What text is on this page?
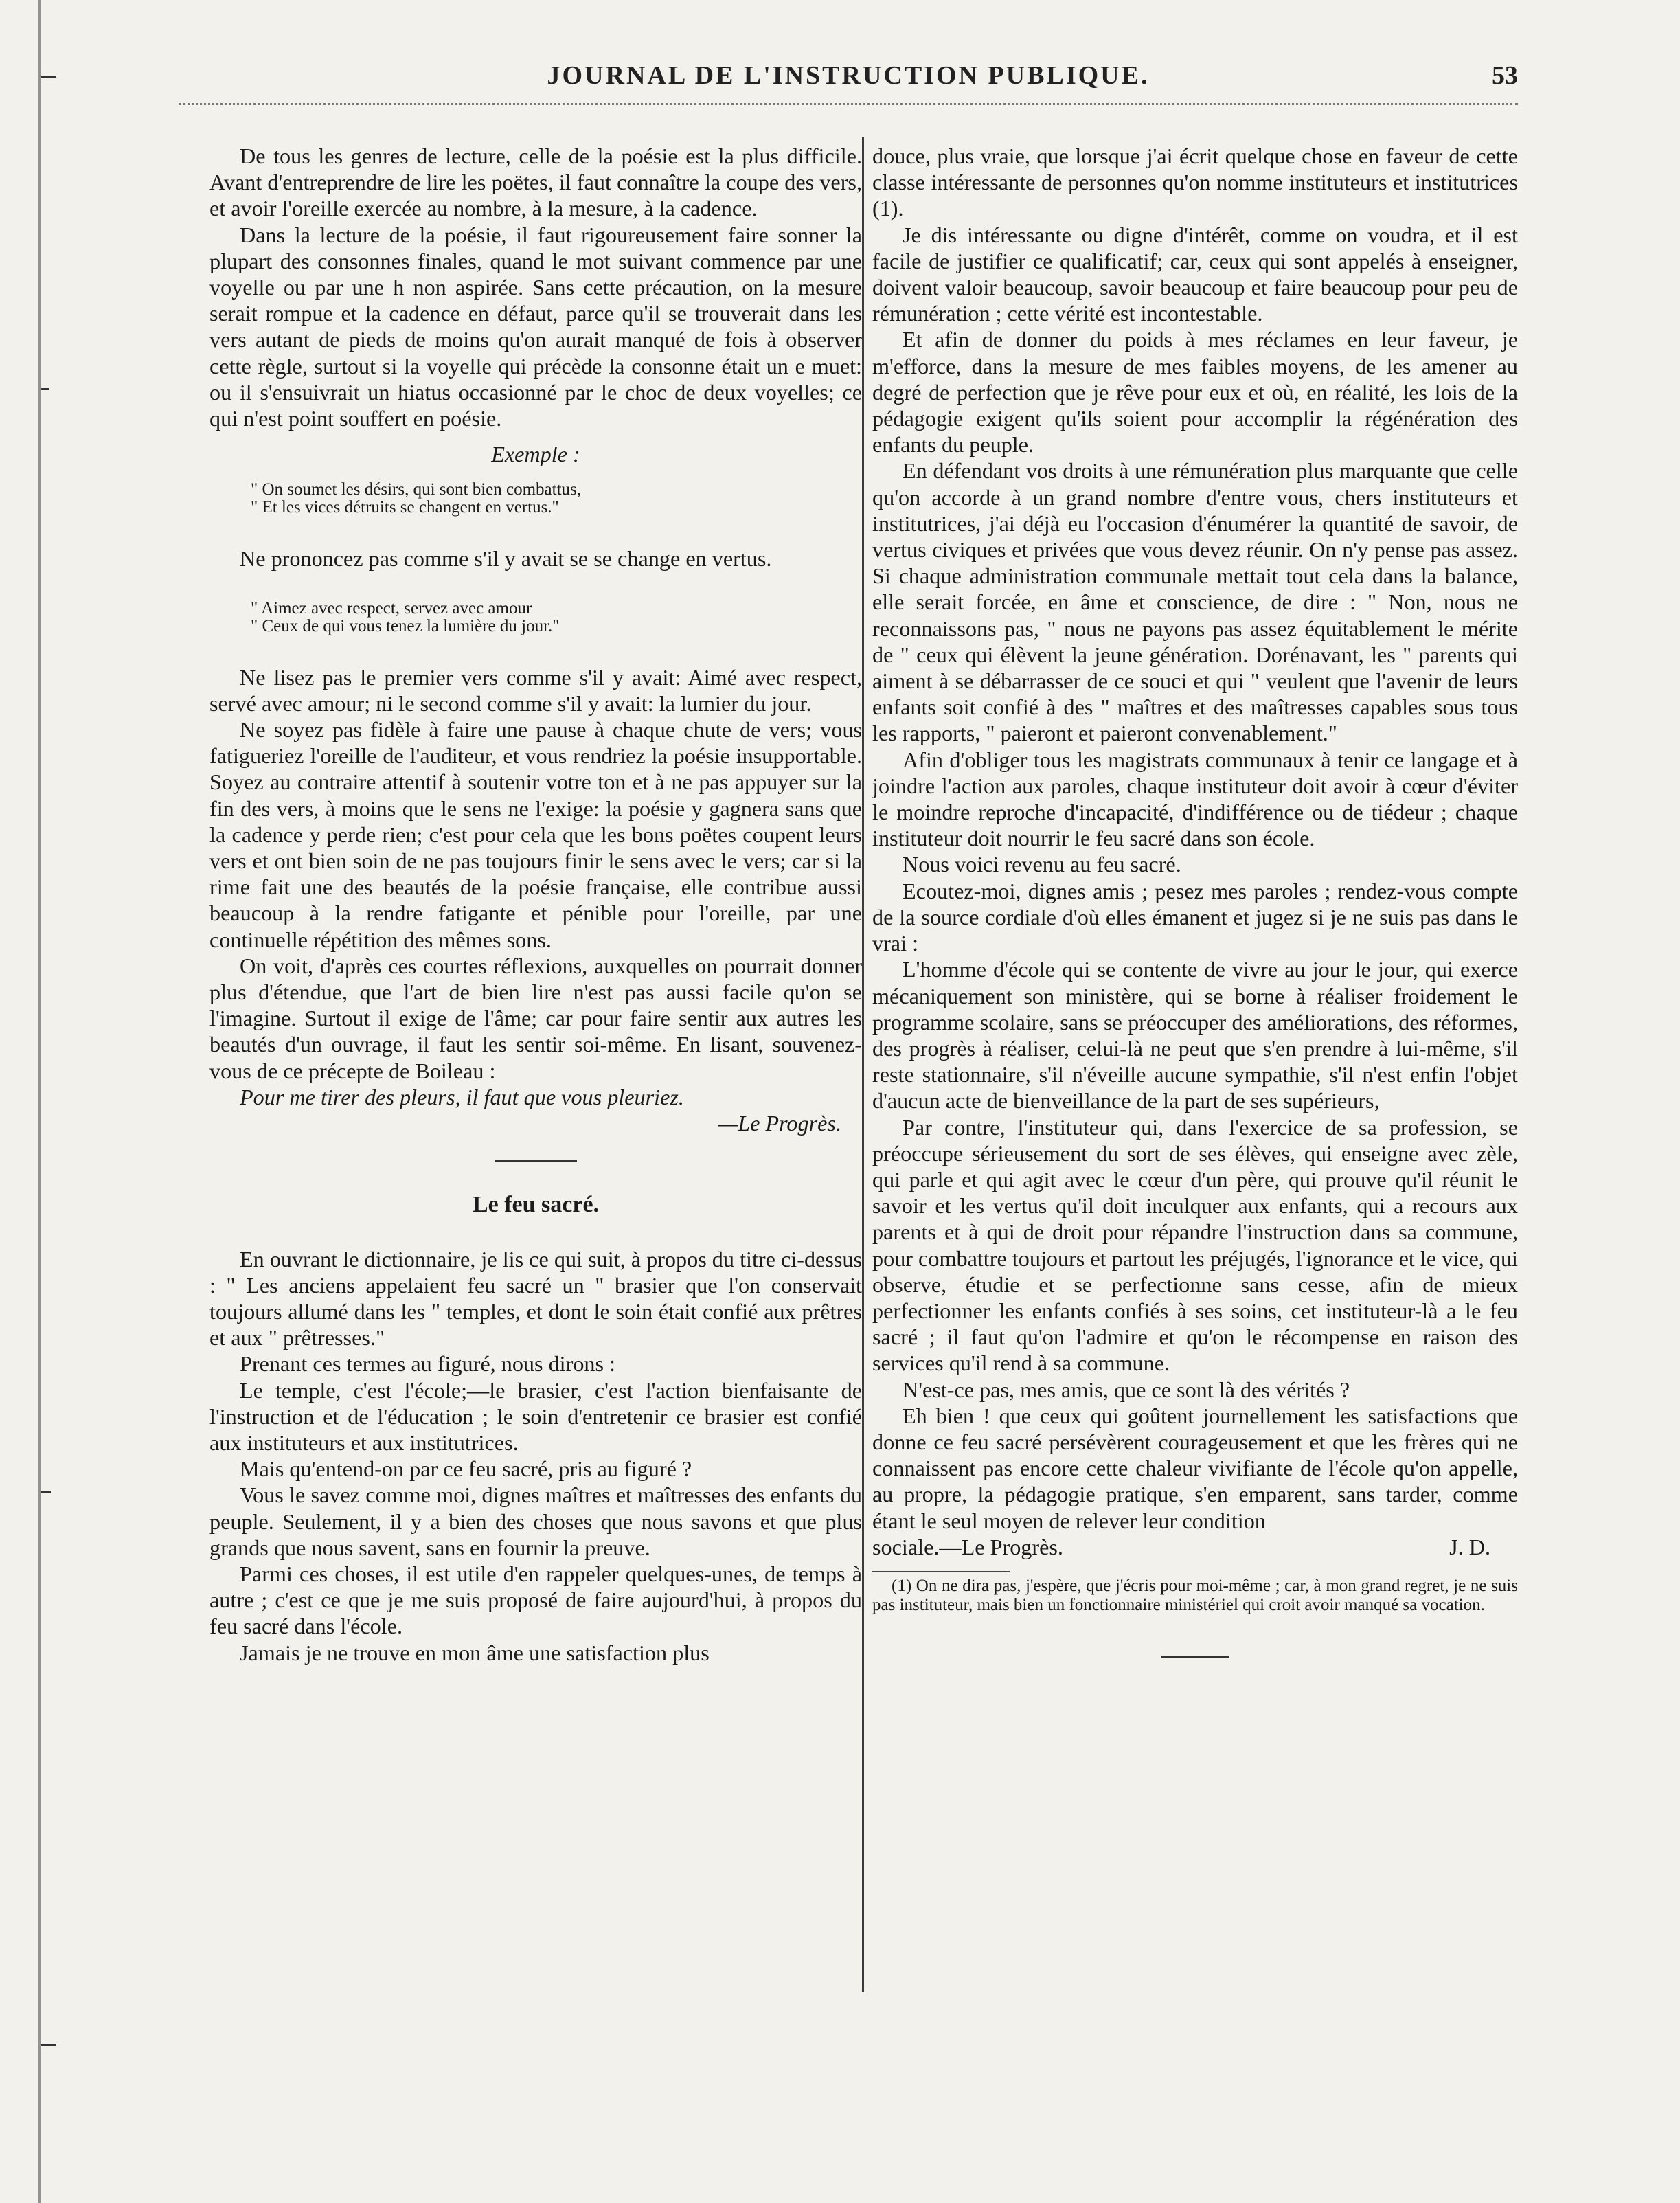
JOURNAL DE L'INSTRUCTION PUBLIQUE.	53

De tous les genres de lecture, celle de la poésie est la plus difficile. Avant d'entreprendre de lire les poëtes, il faut connaître la coupe des vers, et avoir l'oreille exercée au nombre, à la mesure, à la cadence.

Dans la lecture de la poésie, il faut rigoureusement faire sonner la plupart des consonnes finales, quand le mot suivant commence par une voyelle ou par une h non aspirée. Sans cette précaution, on la mesure serait rompue et la cadence en défaut, parce qu'il se trouverait dans les vers autant de pieds de moins qu'on aurait manqué de fois à observer cette règle, surtout si la voyelle qui précède la consonne était un e muet: ou il s'ensuivrait un hiatus occasionné par le choc de deux voyelles; ce qui n'est point souffert en poésie.

Exemple :

" On soumet les désirs, qui sont bien combattus,

" Et les vices détruits se changent en vertus."

Ne prononcez pas comme s'il y avait se se change en vertus.

" Aimez avec respect, servez avec amour

" Ceux de qui vous tenez la lumière du jour."

Ne lisez pas le premier vers comme s'il y avait: Aimé avec respect, servé avec amour; ni le second comme s'il y avait: la lumier du jour.

Ne soyez pas fidèle à faire une pause à chaque chute de vers; vous fatigueriez l'oreille de l'auditeur, et vous rendriez la poésie insupportable. Soyez au contraire attentif à soutenir votre ton et à ne pas appuyer sur la fin des vers, à moins que le sens ne l'exige: la poésie y gagnera sans que la cadence y perde rien; c'est pour cela que les bons poëtes coupent leurs vers et ont bien soin de ne pas toujours finir le sens avec le vers; car si la rime fait une des beautés de la poésie française, elle contribue aussi beaucoup à la rendre fatigante et pénible pour l'oreille, par une continuelle répétition des mêmes sons.

On voit, d'après ces courtes réflexions, auxquelles on pourrait donner plus d'étendue, que l'art de bien lire n'est pas aussi facile qu'on se l'imagine. Surtout il exige de l'âme; car pour faire sentir aux autres les beautés d'un ouvrage, il faut les sentir soi-même. En lisant, souvenez-vous de ce précepte de Boileau :

Pour me tirer des pleurs, il faut que vous pleuriez.

—Le Progrès.

Le feu sacré.

En ouvrant le dictionnaire, je lis ce qui suit, à propos du titre ci-dessus : " Les anciens appelaient feu sacré un " brasier que l'on conservait toujours allumé dans les " temples, et dont le soin était confié aux prêtres et aux " prêtresses."

Prenant ces termes au figuré, nous dirons :

Le temple, c'est l'école;—le brasier, c'est l'action bienfaisante de l'instruction et de l'éducation ; le soin d'entretenir ce brasier est confié aux instituteurs et aux institutrices.

Mais qu'entend-on par ce feu sacré, pris au figuré ?

Vous le savez comme moi, dignes maîtres et maîtresses des enfants du peuple. Seulement, il y a bien des choses que nous savons et que plus grands que nous savent, sans en fournir la preuve.

Parmi ces choses, il est utile d'en rappeler quelques-unes, de temps à autre ; c'est ce que je me suis proposé de faire aujourd'hui, à propos du feu sacré dans l'école.

Jamais je ne trouve en mon âme une satisfaction plus

douce, plus vraie, que lorsque j'ai écrit quelque chose en faveur de cette classe intéressante de personnes qu'on nomme instituteurs et institutrices (1).

Je dis intéressante ou digne d'intérêt, comme on voudra, et il est facile de justifier ce qualificatif; car, ceux qui sont appelés à enseigner, doivent valoir beaucoup, savoir beaucoup et faire beaucoup pour peu de rémunération ; cette vérité est incontestable.

Et afin de donner du poids à mes réclames en leur faveur, je m'efforce, dans la mesure de mes faibles moyens, de les amener au degré de perfection que je rêve pour eux et où, en réalité, les lois de la pédagogie exigent qu'ils soient pour accomplir la régénération des enfants du peuple.

En défendant vos droits à une rémunération plus marquante que celle qu'on accorde à un grand nombre d'entre vous, chers instituteurs et institutrices, j'ai déjà eu l'occasion d'énumérer la quantité de savoir, de vertus civiques et privées que vous devez réunir. On n'y pense pas assez. Si chaque administration communale mettait tout cela dans la balance, elle serait forcée, en âme et conscience, de dire : " Non, nous ne reconnaissons pas, " nous ne payons pas assez équitablement le mérite de " ceux qui élèvent la jeune génération. Dorénavant, les " parents qui aiment à se débarrasser de ce souci et qui " veulent que l'avenir de leurs enfants soit confié à des " maîtres et des maîtresses capables sous tous les rapports, " paieront et paieront convenablement."

Afin d'obliger tous les magistrats communaux à tenir ce langage et à joindre l'action aux paroles, chaque instituteur doit avoir à cœur d'éviter le moindre reproche d'incapacité, d'indifférence ou de tiédeur ; chaque instituteur doit nourrir le feu sacré dans son école.

Nous voici revenu au feu sacré.

Ecoutez-moi, dignes amis ; pesez mes paroles ; rendez-vous compte de la source cordiale d'où elles émanent et jugez si je ne suis pas dans le vrai :

L'homme d'école qui se contente de vivre au jour le jour, qui exerce mécaniquement son ministère, qui se borne à réaliser froidement le programme scolaire, sans se préoccuper des améliorations, des réformes, des progrès à réaliser, celui-là ne peut que s'en prendre à lui-même, s'il reste stationnaire, s'il n'éveille aucune sympathie, s'il n'est enfin l'objet d'aucun acte de bienveillance de la part de ses supérieurs,

Par contre, l'instituteur qui, dans l'exercice de sa profession, se préoccupe sérieusement du sort de ses élèves, qui enseigne avec zèle, qui parle et qui agit avec le cœur d'un père, qui prouve qu'il réunit le savoir et les vertus qu'il doit inculquer aux enfants, qui a recours aux parents et à qui de droit pour répandre l'instruction dans sa commune, pour combattre toujours et partout les préjugés, l'ignorance et le vice, qui observe, étudie et se perfectionne sans cesse, afin de mieux perfectionner les enfants confiés à ses soins, cet instituteur-là a le feu sacré ; il faut qu'on l'admire et qu'on le récompense en raison des services qu'il rend à sa commune.

N'est-ce pas, mes amis, que ce sont là des vérités ?

Eh bien ! que ceux qui goûtent journellement les satisfactions que donne ce feu sacré persévèrent courageusement et que les frères qui ne connaissent pas encore cette chaleur vivifiante de l'école qu'on appelle, au propre, la pédagogie pratique, s'en emparent, sans tarder, comme étant le seul moyen de relever leur condition

sociale.—Le Progrès.	J. D.

(1) On ne dira pas, j'espère, que j'écris pour moi-même ; car, à mon grand regret, je ne suis pas instituteur, mais bien un fonctionnaire ministériel qui croit avoir manqué sa vocation.
